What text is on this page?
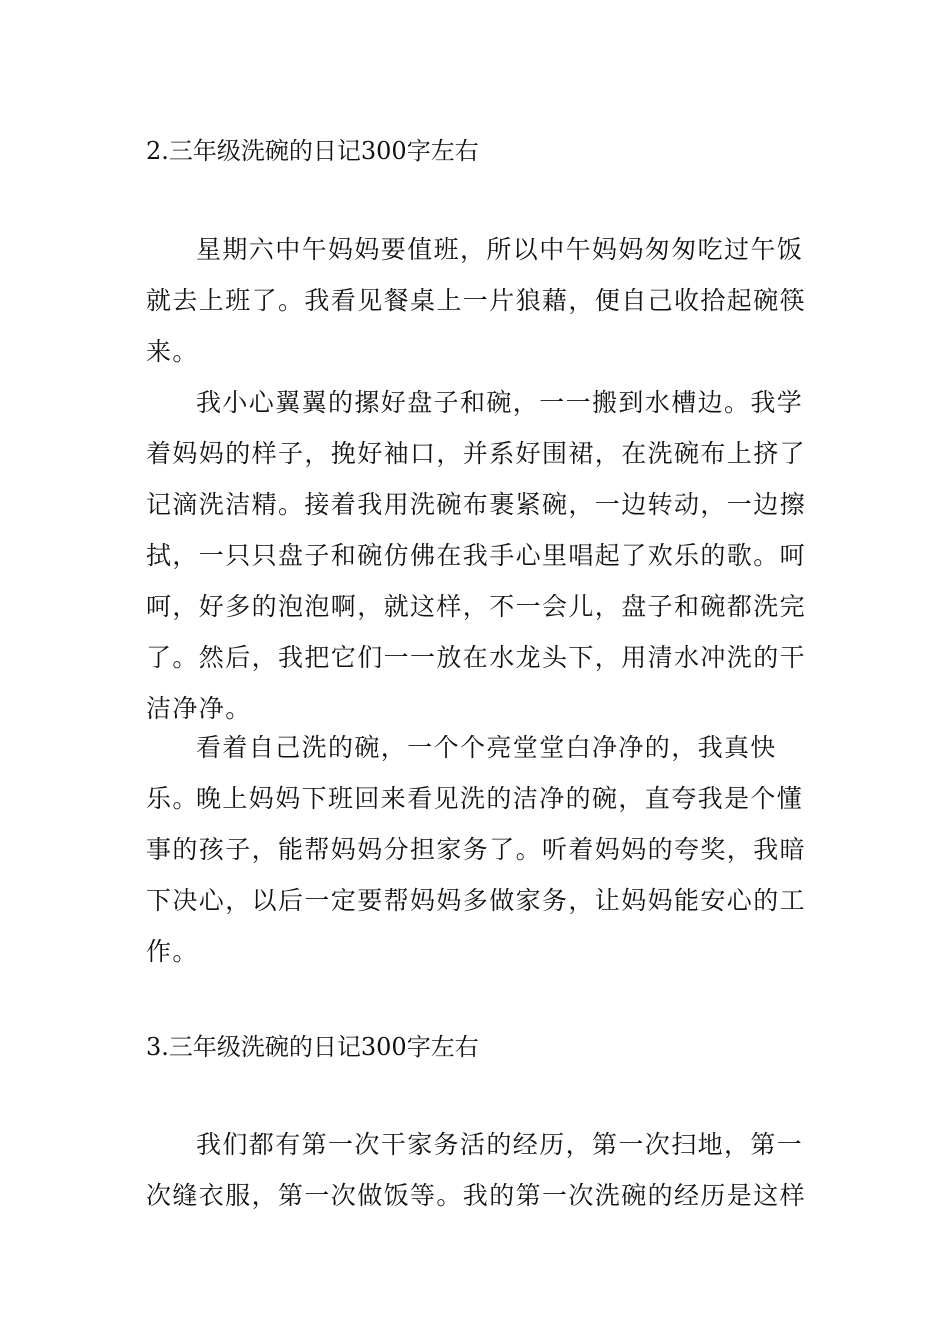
2.三年级洗碗的日记300字左右

星期六中午妈妈要值班，所以中午妈妈匆匆吃过午饭就去上班了。我看见餐桌上一片狼藉，便自己收拾起碗筷来。

我小心翼翼的摞好盘子和碗，一一搬到水槽边。我学着妈妈的样子，挽好袖口，并系好围裙，在洗碗布上挤了记滴洗洁精。接着我用洗碗布裹紧碗，一边转动，一边擦拭，一只只盘子和碗仿佛在我手心里唱起了欢乐的歌。呵呵，好多的泡泡啊，就这样，不一会儿，盘子和碗都洗完了。然后，我把它们一一放在水龙头下，用清水冲洗的干洁净净。

看着自己洗的碗，一个个亮堂堂白净净的，我真快乐。

晚上妈妈下班回来看见洗的洁净的碗，直夸我是个懂事的孩子，能帮妈妈分担家务了。听着妈妈的夸奖，我暗下决心，以后一定要帮妈妈多做家务，让妈妈能安心的工作。

3.三年级洗碗的日记300字左右

我们都有第一次干家务活的经历，第一次扫地，第一次缝衣服，第一次做饭等。我的第一次洗碗的经历是这样
